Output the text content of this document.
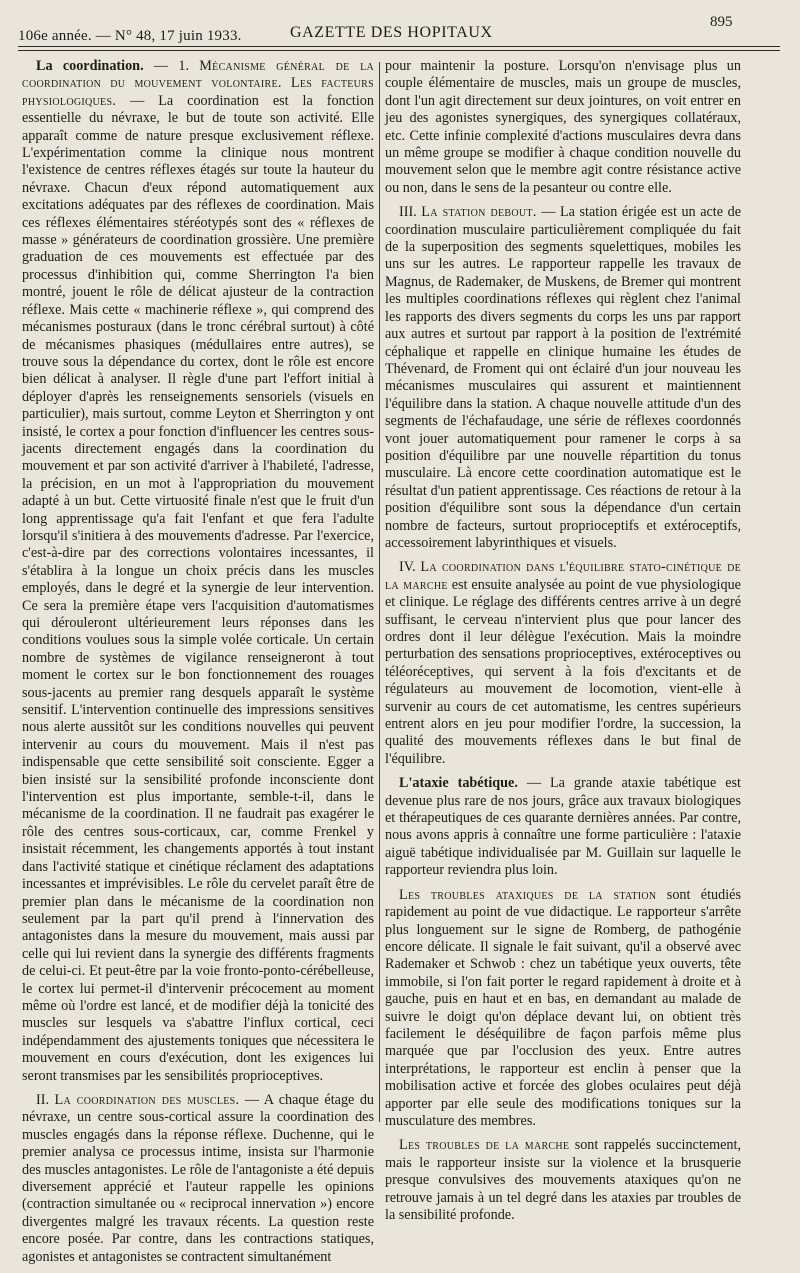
106e année. — N° 48, 17 juin 1933.	GAZETTE DES HOPITAUX
895

La coordination. — 1. Mécanisme général de la coordination du mouvement volontaire. Les facteurs physiologiques. — La coordination est la fonction essentielle du névraxe, le but de toute son activité. Elle apparaît comme de nature presque exclusivement réflexe. L'expérimentation comme la clinique nous montrent l'existence de centres réflexes étagés sur toute la hauteur du névraxe. Chacun d'eux répond automatiquement aux excitations adéquates par des réflexes de coordination. Mais ces réflexes élémentaires stéréotypés sont des « réflexes de masse » générateurs de coordination grossière. Une première graduation de ces mouvements est effectuée par des processus d'inhibition qui, comme Sherrington l'a bien montré, jouent le rôle de délicat ajusteur de la contraction réflexe. Mais cette « machinerie réflexe », qui comprend des mécanismes posturaux (dans le tronc cérébral surtout) à côté de mécanismes phasiques (médullaires entre autres), se trouve sous la dépendance du cortex, dont le rôle est encore bien délicat à analyser. Il règle d'une part l'effort initial à déployer d'après les renseignements sensoriels (visuels en particulier), mais surtout, comme Leyton et Sherrington y ont insisté, le cortex a pour fonction d'influencer les centres sous-jacents directement engagés dans la coordination du mouvement et par son activité d'arriver à l'habileté, l'adresse, la précision, en un mot à l'appropriation du mouvement adapté à un but. Cette virtuosité finale n'est que le fruit d'un long apprentissage qu'a fait l'enfant et que fera l'adulte lorsqu'il s'initiera à des mouvements d'adresse. Par l'exercice, c'est-à-dire par des corrections volontaires incessantes, il s'établira à la longue un choix précis dans les muscles employés, dans le degré et la synergie de leur intervention. Ce sera la première étape vers l'acquisition d'automatismes qui dérouleront ultérieurement leurs réponses dans les conditions voulues sous la simple volée corticale. Un certain nombre de systèmes de vigilance renseigneront à tout moment le cortex sur le bon fonctionnement des rouages sous-jacents au premier rang desquels apparaît le système sensitif. L'intervention continuelle des impressions sensitives nous alerte aussitôt sur les conditions nouvelles qui peuvent intervenir au cours du mouvement. Mais il n'est pas indispensable que cette sensibilité soit consciente. Egger a bien insisté sur la sensibilité profonde inconsciente dont l'intervention est plus importante, semble-t-il, dans le mécanisme de la coordination. Il ne faudrait pas exagérer le rôle des centres sous-corticaux, car, comme Frenkel y insistait récemment, les changements apportés à tout instant dans l'activité statique et cinétique réclament des adaptations incessantes et imprévisibles. Le rôle du cervelet paraît être de premier plan dans le mécanisme de la coordination non seulement par la part qu'il prend à l'innervation des antagonistes dans la mesure du mouvement, mais aussi par celle qui lui revient dans la synergie des différents fragments de celui-ci. Et peut-être par la voie fronto-ponto-cérébelleuse, le cortex lui permet-il d'intervenir précocement au moment même où l'ordre est lancé, et de modifier déjà la tonicité des muscles sur lesquels va s'abattre l'influx cortical, ceci indépendamment des ajustements toniques que nécessitera le mouvement en cours d'exécution, dont les exigences lui seront transmises par les sensibilités proprioceptives.

II. La coordination des muscles. — A chaque étage du névraxe, un centre sous-cortical assure la coordination des muscles engagés dans la réponse réflexe. Duchenne, qui le premier analysa ce processus intime, insista sur l'harmonie des muscles antagonistes. Le rôle de l'antagoniste a été depuis diversement apprécié et l'auteur rappelle les opinions (contraction simultanée ou « reciprocal innervation ») encore divergentes malgré les travaux récents. La question reste encore posée. Par contre, dans les contractions statiques, agonistes et antagonistes se contractent simultanément

pour maintenir la posture. Lorsqu'on n'envisage plus un couple élémentaire de muscles, mais un groupe de muscles, dont l'un agit directement sur deux jointures, on voit entrer en jeu des agonistes synergiques, des synergiques collatéraux, etc. Cette infinie complexité d'actions musculaires devra dans un même groupe se modifier à chaque condition nouvelle du mouvement selon que le membre agit contre résistance active ou non, dans le sens de la pesanteur ou contre elle.

III. La station debout. — La station érigée est un acte de coordination musculaire particulièrement compliquée du fait de la superposition des segments squelettiques, mobiles les uns sur les autres. Le rapporteur rappelle les travaux de Magnus, de Rademaker, de Muskens, de Bremer qui montrent les multiples coordinations réflexes qui règlent chez l'animal les rapports des divers segments du corps les uns par rapport aux autres et surtout par rapport à la position de l'extrémité céphalique et rappelle en clinique humaine les études de Thévenard, de Froment qui ont éclairé d'un jour nouveau les mécanismes musculaires qui assurent et maintiennent l'équilibre dans la station. A chaque nouvelle attitude d'un des segments de l'échafaudage, une série de réflexes coordonnés vont jouer automatiquement pour ramener le corps à sa position d'équilibre par une nouvelle répartition du tonus musculaire. Là encore cette coordination automatique est le résultat d'un patient apprentissage. Ces réactions de retour à la position d'équilibre sont sous la dépendance d'un certain nombre de facteurs, surtout proprioceptifs et extéroceptifs, accessoirement labyrinthiques et visuels.

IV. La coordination dans l'équilibre stato-cinétique de la marche est ensuite analysée au point de vue physiologique et clinique. Le réglage des différents centres arrive à un degré suffisant, le cerveau n'intervient plus que pour lancer des ordres dont il leur délègue l'exécution. Mais la moindre perturbation des sensations proprioceptives, extéroceptives ou téléoréceptives, qui servent à la fois d'excitants et de régulateurs au mouvement de locomotion, vient-elle à survenir au cours de cet automatisme, les centres supérieurs entrent alors en jeu pour modifier l'ordre, la succession, la qualité des mouvements réflexes dans le but final de l'équilibre.

L'ataxie tabétique. — La grande ataxie tabétique est devenue plus rare de nos jours, grâce aux travaux biologiques et thérapeutiques de ces quarante dernières années. Par contre, nous avons appris à connaître une forme particulière : l'ataxie aiguë tabétique individualisée par M. Guillain sur laquelle le rapporteur reviendra plus loin.

Les troubles ataxiques de la station sont étudiés rapidement au point de vue didactique. Le rapporteur s'arrête plus longuement sur le signe de Romberg, de pathogénie encore délicate. Il signale le fait suivant, qu'il a observé avec Rademaker et Schwob : chez un tabétique yeux ouverts, tête immobile, si l'on fait porter le regard rapidement à droite et à gauche, puis en haut et en bas, en demandant au malade de suivre le doigt qu'on déplace devant lui, on obtient très facilement le déséquilibre de façon parfois même plus marquée que par l'occlusion des yeux. Entre autres interprétations, le rapporteur est enclin à penser que la mobilisation active et forcée des globes oculaires peut déjà apporter par elle seule des modifications toniques sur la musculature des membres.

Les troubles de la marche sont rappelés succinctement, mais le rapporteur insiste sur la violence et la brusquerie presque convulsives des mouvements ataxiques qu'on ne retrouve jamais à un tel degré dans les ataxies par troubles de la sensibilité profonde.
